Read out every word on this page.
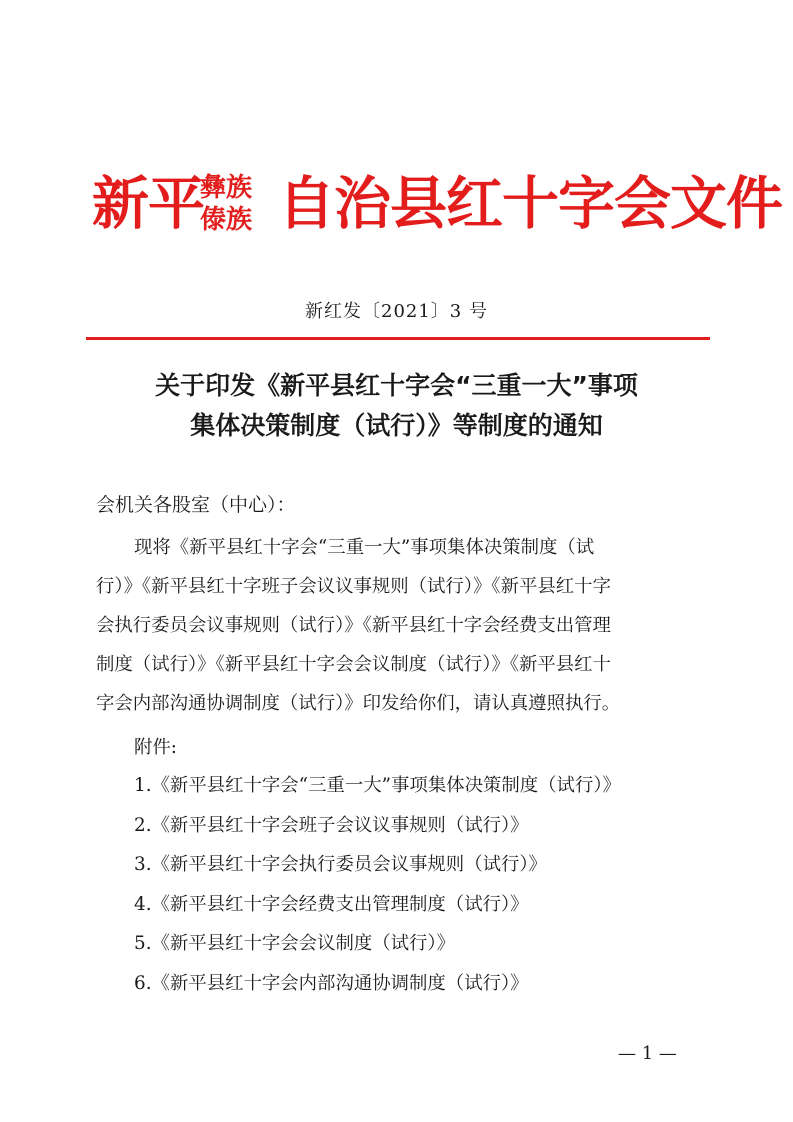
新平
彝族
傣族 自治县红十字会文件
新红发〔2021〕3 号
关于印发《新平县红十字会“三重一大”事项
集体决策制度（试行）》等制度的通知
会机关各股室（中心）：
现将《新平县红十字会“三重一大”事项集体决策制度（试
行）》《新平县红十字班子会议议事规则（试行）》《新平县红十字
会执行委员会议事规则（试行）》《新平县红十字会经费支出管理
制度（试行）》《新平县红十字会会议制度（试行）》《新平县红十
字会内部沟通协调制度（试行）》印发给你们，请认真遵照执行。
附件:
1.《新平县红十字会“三重一大”事项集体决策制度（试行）》
2.《新平县红十字会班子会议议事规则（试行）》
3.《新平县红十字会执行委员会议事规则（试行）》
4.《新平县红十字会经费支出管理制度（试行）》
5.《新平县红十字会会议制度（试行）》
6.《新平县红十字会内部沟通协调制度（试行）》
— 1 —
